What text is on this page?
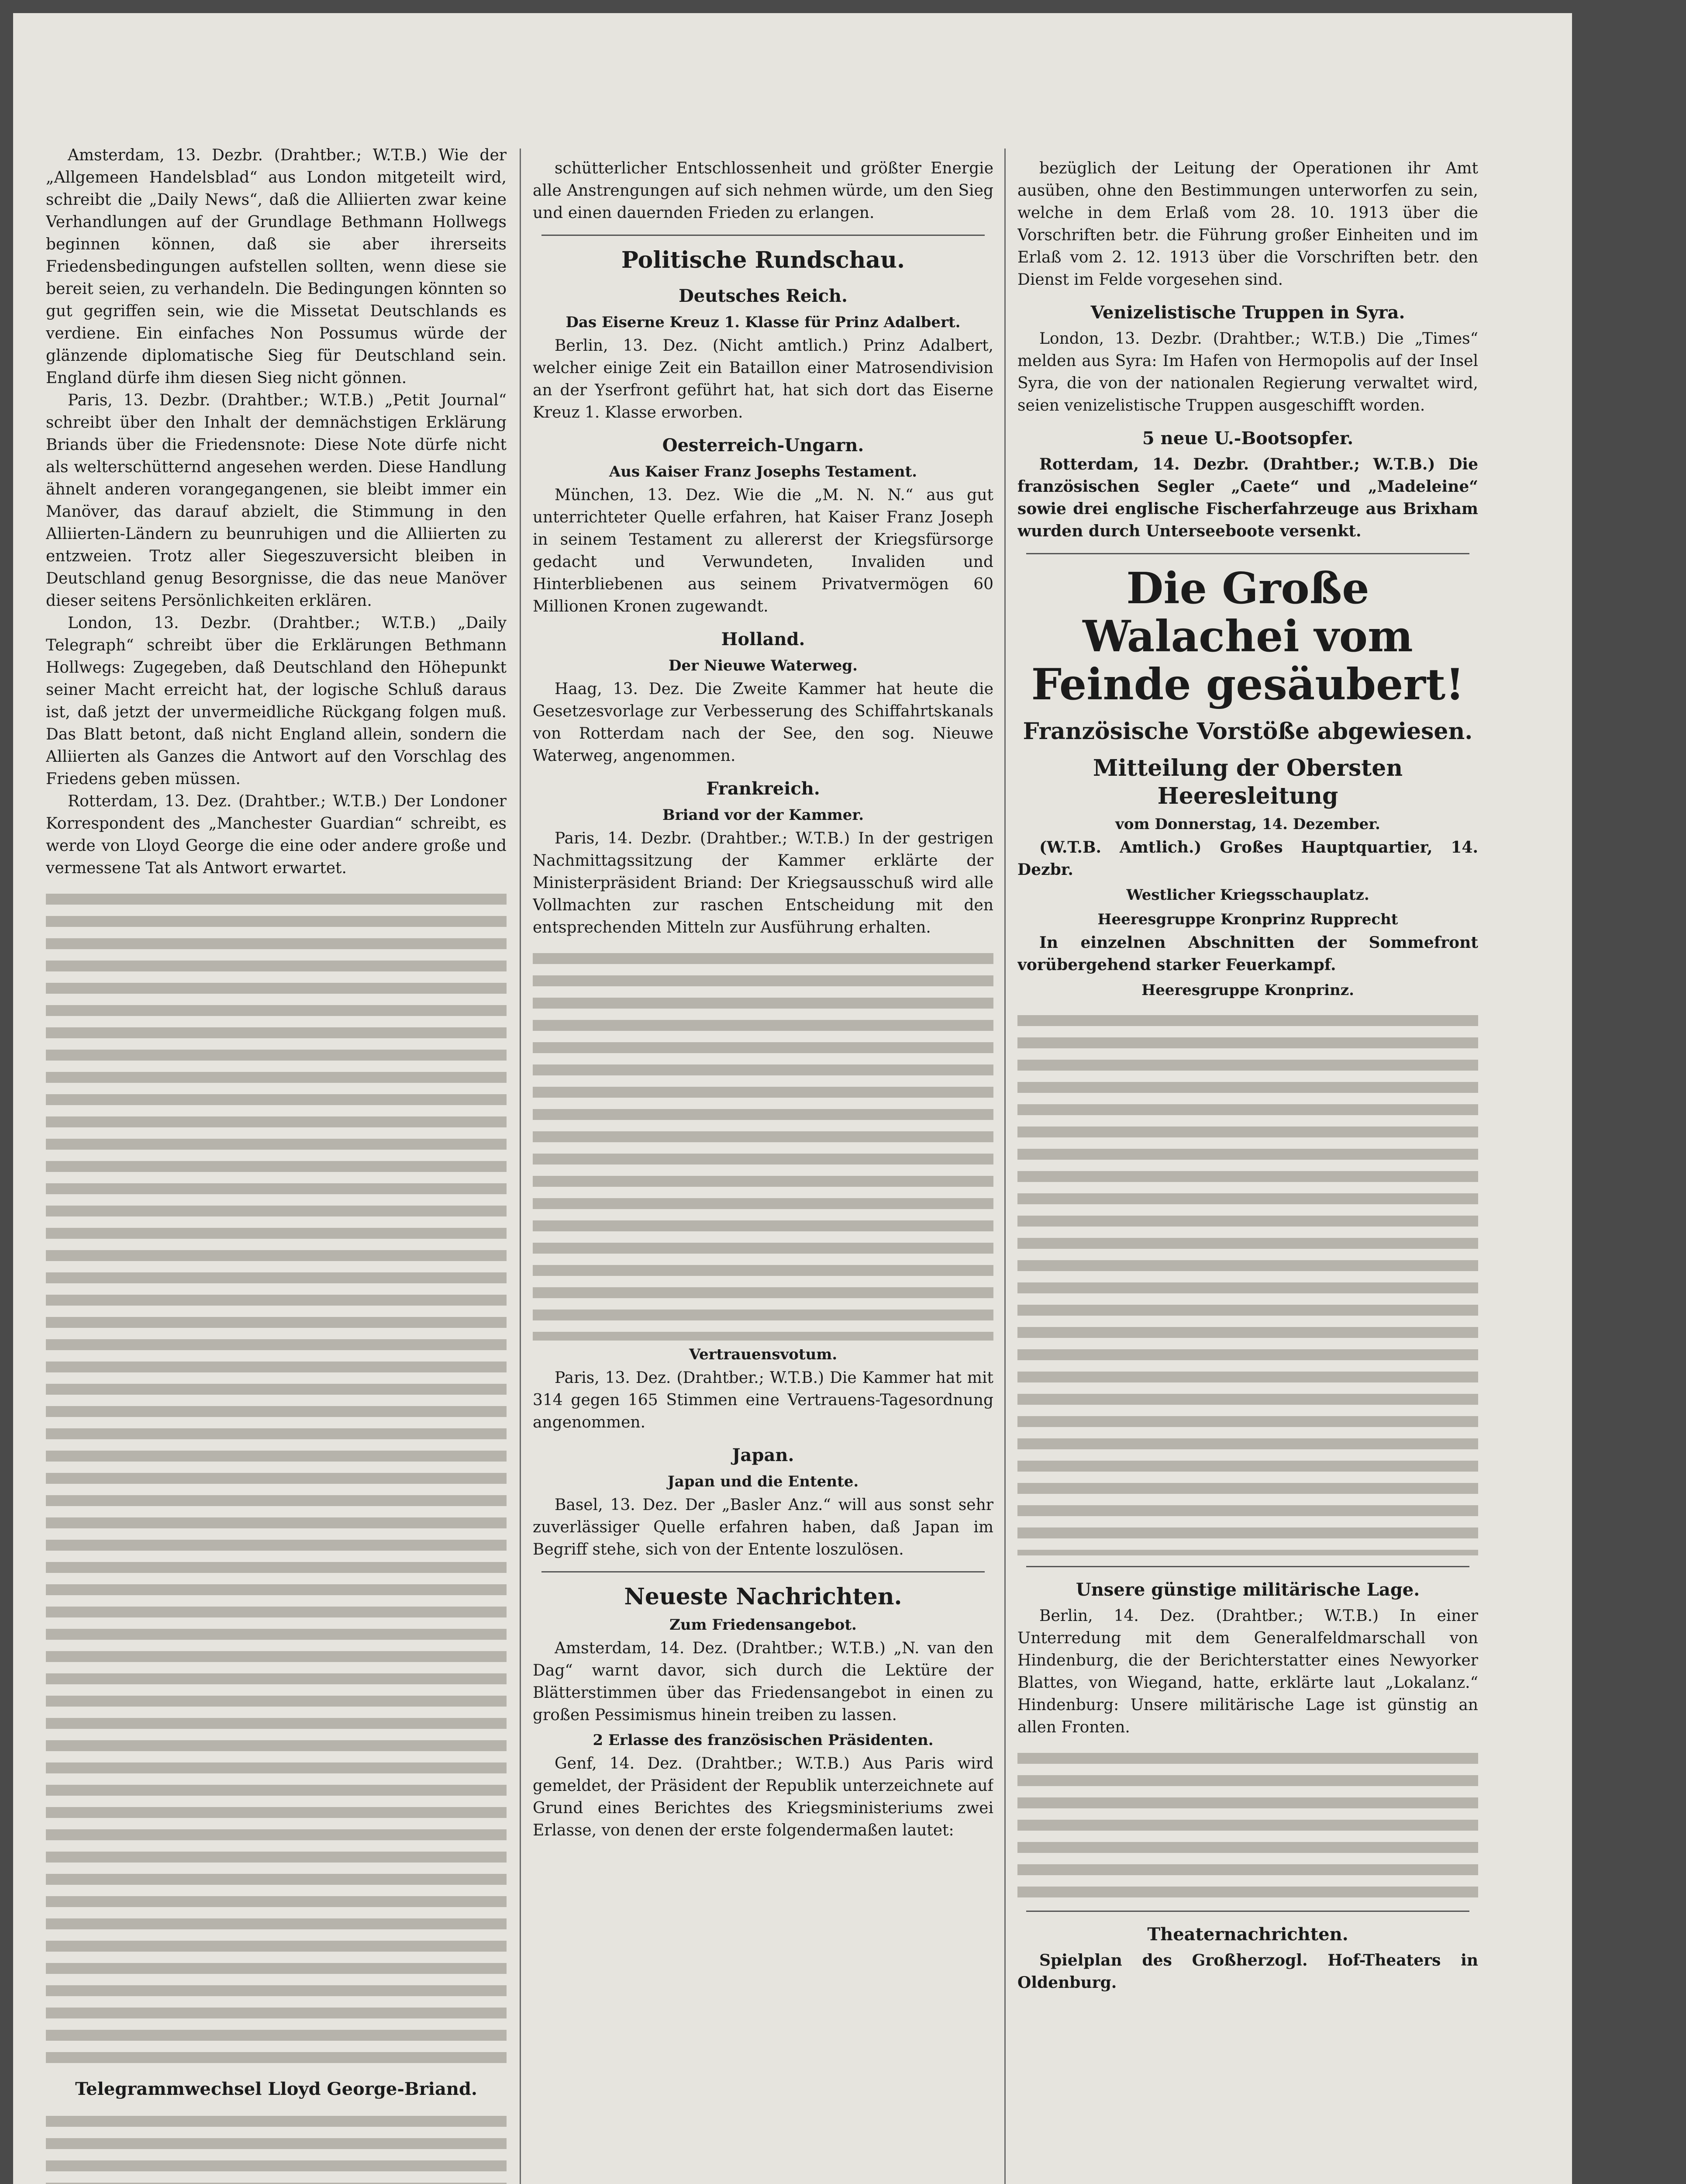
Amsterdam, 13. Dezbr. (Drahtber.; W.T.B.) Wie der „Allgemeen Handelsblad“ aus London mitgeteilt wird, schreibt die „Daily News“, daß die Alliierten zwar keine Verhandlungen auf der Grundlage Bethmann Hollwegs beginnen können, daß sie aber ihrerseits Friedensbedingungen aufstellen sollten, wenn diese sie bereit seien, zu verhandeln. Die Bedingungen könnten so gut gegriffen sein, wie die Missetat Deutschlands es verdiene. Ein einfaches Non Possumus würde der glänzende diplomatische Sieg für Deutschland sein. England dürfe ihm diesen Sieg nicht gönnen.

Paris, 13. Dezbr. (Drahtber.; W.T.B.) „Petit Journal“ schreibt über den Inhalt der demnächstigen Erklärung Briands über die Friedensnote: Diese Note dürfe nicht als welterschütternd angesehen werden. Diese Handlung ähnelt anderen vorangegangenen, sie bleibt immer ein Manöver, das darauf abzielt, die Stimmung in den Alliierten-Ländern zu beunruhigen und die Alliierten zu entzweien. Trotz aller Siegeszuversicht bleiben in Deutschland genug Besorgnisse, die das neue Manöver dieser seitens Persönlichkeiten erklären.

London, 13. Dezbr. (Drahtber.; W.T.B.) „Daily Telegraph“ schreibt über die Erklärungen Bethmann Hollwegs: Zugegeben, daß Deutschland den Höhepunkt seiner Macht erreicht hat, der logische Schluß daraus ist, daß jetzt der unvermeidliche Rückgang folgen muß. Das Blatt betont, daß nicht England allein, sondern die Alliierten als Ganzes die Antwort auf den Vorschlag des Friedens geben müssen.

Rotterdam, 13. Dez. (Drahtber.; W.T.B.) Der Londoner Korrespondent des „Manchester Guardian“ schreibt, es werde von Lloyd George die eine oder andere große und vermessene Tat als Antwort erwartet.

Telegrammwechsel Lloyd George-Briand.

schütterlicher Entschlossenheit und größter Energie alle Anstrengungen auf sich nehmen würde, um den Sieg und einen dauernden Frieden zu erlangen.

Politische Rundschau.
Deutsches Reich.
Das Eiserne Kreuz 1. Klasse für Prinz Adalbert.

Berlin, 13. Dez. (Nicht amtlich.) Prinz Adalbert, welcher einige Zeit ein Bataillon einer Matrosendivision an der Yserfront geführt hat, hat sich dort das Eiserne Kreuz 1. Klasse erworben.

Oesterreich-Ungarn.
Aus Kaiser Franz Josephs Testament.

München, 13. Dez. Wie die „M. N. N.“ aus gut unterrichteter Quelle erfahren, hat Kaiser Franz Joseph in seinem Testament zu allererst der Kriegsfürsorge gedacht und Verwundeten, Invaliden und Hinterbliebenen aus seinem Privatvermögen 60 Millionen Kronen zugewandt.

Holland.
Der Nieuwe Waterweg.

Haag, 13. Dez. Die Zweite Kammer hat heute die Gesetzesvorlage zur Verbesserung des Schiffahrtskanals von Rotterdam nach der See, den sog. Nieuwe Waterweg, angenommen.

Frankreich.
Briand vor der Kammer.

Paris, 14. Dezbr. (Drahtber.; W.T.B.) In der gestrigen Nachmittagssitzung der Kammer erklärte der Ministerpräsident Briand: Der Kriegsausschuß wird alle Vollmachten zur raschen Entscheidung mit den entsprechenden Mitteln zur Ausführung erhalten.

Vertrauensvotum.

Paris, 13. Dez. (Drahtber.; W.T.B.) Die Kammer hat mit 314 gegen 165 Stimmen eine Vertrauens-Tagesordnung angenommen.

Japan.
Japan und die Entente.

Basel, 13. Dez. Der „Basler Anz.“ will aus sonst sehr zuverlässiger Quelle erfahren haben, daß Japan im Begriff stehe, sich von der Entente loszulösen.

Neueste Nachrichten.
Zum Friedensangebot.

Amsterdam, 14. Dez. (Drahtber.; W.T.B.) „N. van den Dag“ warnt davor, sich durch die Lektüre der Blätterstimmen über das Friedensangebot in einen zu großen Pessimismus hinein treiben zu lassen.

2 Erlasse des französischen Präsidenten.

Genf, 14. Dez. (Drahtber.; W.T.B.) Aus Paris wird gemeldet, der Präsident der Republik unterzeichnete auf Grund eines Berichtes des Kriegsministeriums zwei Erlasse, von denen der erste folgendermaßen lautet:

bezüglich der Leitung der Operationen ihr Amt ausüben, ohne den Bestimmungen unterworfen zu sein, welche in dem Erlaß vom 28. 10. 1913 über die Vorschriften betr. die Führung großer Einheiten und im Erlaß vom 2. 12. 1913 über die Vorschriften betr. den Dienst im Felde vorgesehen sind.

Venizelistische Truppen in Syra.

London, 13. Dezbr. (Drahtber.; W.T.B.) Die „Times“ melden aus Syra: Im Hafen von Hermopolis auf der Insel Syra, die von der nationalen Regierung verwaltet wird, seien venizelistische Truppen ausgeschifft worden.

5 neue U.-Bootsopfer.

Rotterdam, 14. Dezbr. (Drahtber.; W.T.B.) Die französischen Segler „Caete“ und „Madeleine“ sowie drei englische Fischerfahrzeuge aus Brixham wurden durch Unterseeboote versenkt.

Die Große Walachei vom Feinde gesäubert!
Französische Vorstöße abgewiesen.
Mitteilung der Obersten Heeresleitung
vom Donnerstag, 14. Dezember.

(W.T.B. Amtlich.) Großes Hauptquartier, 14. Dezbr.

Westlicher Kriegsschauplatz.
Heeresgruppe Kronprinz Rupprecht

In einzelnen Abschnitten der Sommefront vorübergehend starker Feuerkampf.

Heeresgruppe Kronprinz.
Unsere günstige militärische Lage.

Berlin, 14. Dez. (Drahtber.; W.T.B.) In einer Unterredung mit dem Generalfeldmarschall von Hindenburg, die der Berichterstatter eines Newyorker Blattes, von Wiegand, hatte, erklärte laut „Lokalanz.“ Hindenburg: Unsere militärische Lage ist günstig an allen Fronten.

Theaternachrichten.

Spielplan des Großherzogl. Hof-Theaters in Oldenburg.
